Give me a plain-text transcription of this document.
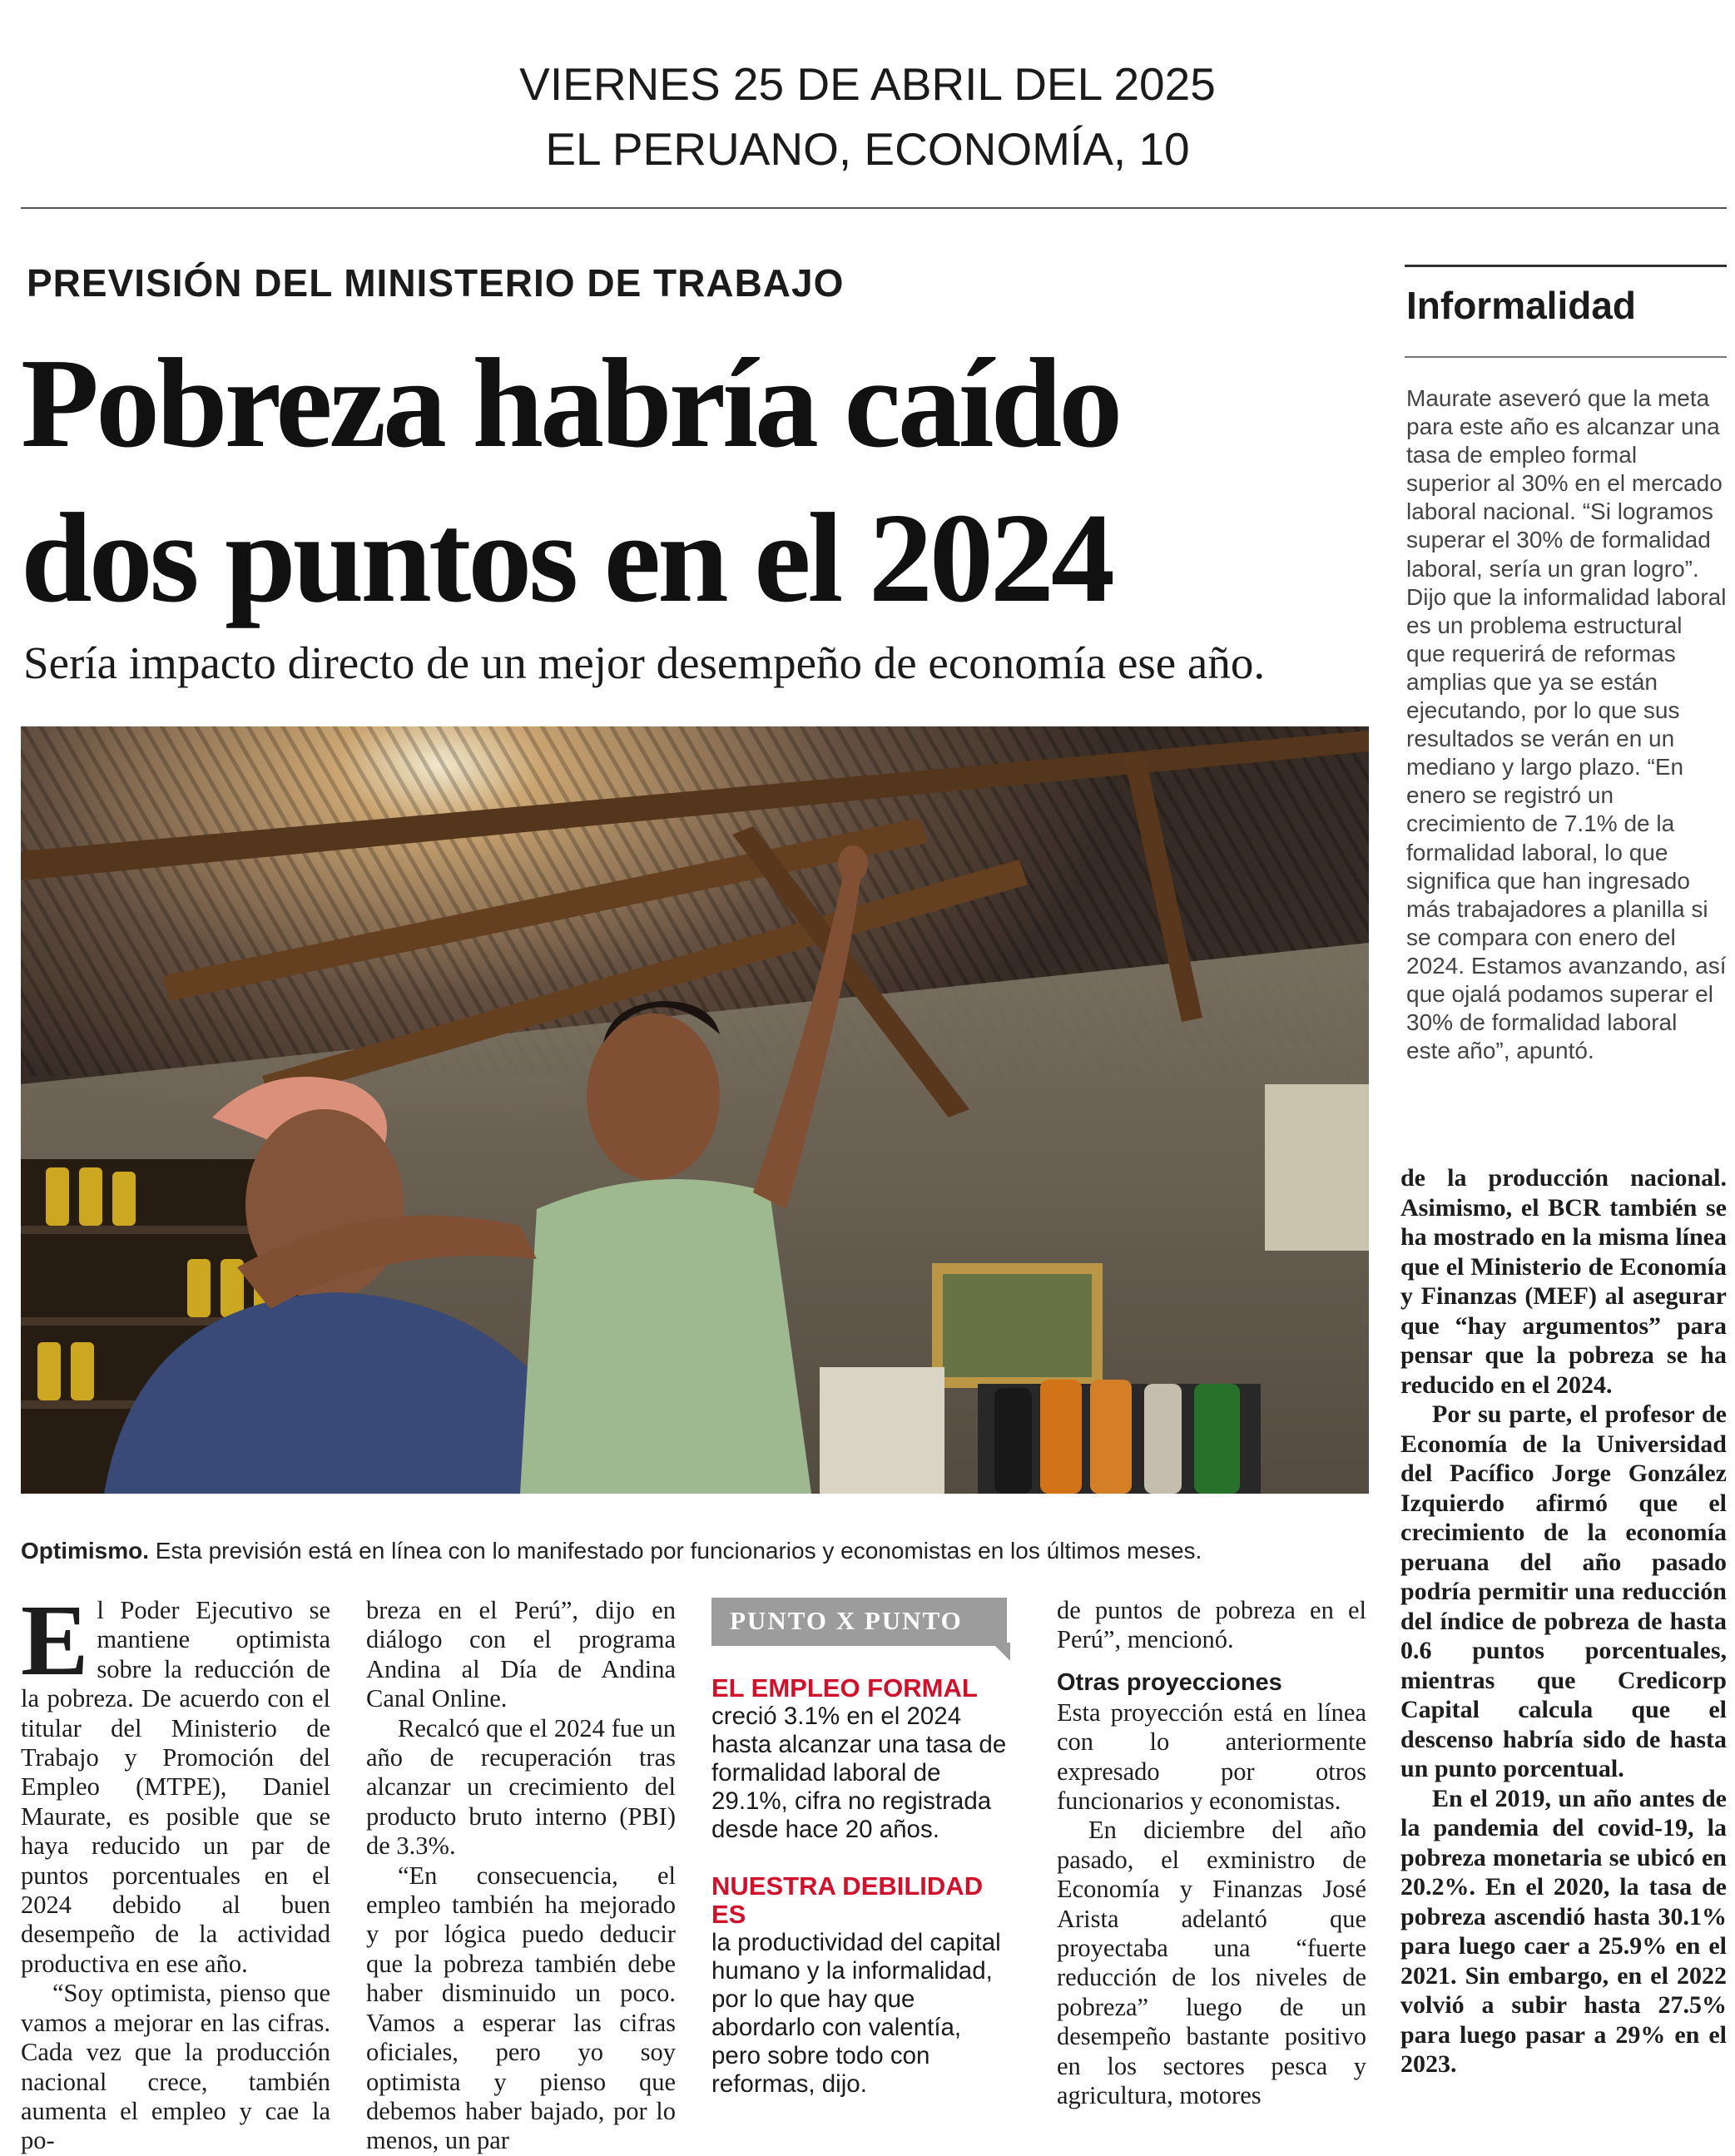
VIERNES 25 DE ABRIL DEL 2025
EL PERUANO, ECONOMÍA, 10
PREVISIÓN DEL MINISTERIO DE TRABAJO
Pobreza habría caído
dos puntos en el 2024
Sería impacto directo de un mejor desempeño de economía ese año.
Optimismo. Esta previsión está en línea con lo manifestado por funcionarios y economistas en los últimos meses.
Informalidad
Maurate aseveró que la meta para este año es alcanzar una tasa de empleo formal superior al 30% en el mercado laboral nacional. “Si logramos superar el 30% de formalidad laboral, sería un gran logro”.
Dijo que la informalidad laboral es un problema estructural que requerirá de reformas amplias que ya se están ejecutando, por lo que sus resultados se verán en un mediano y largo plazo. “En enero se registró un crecimiento de 7.1% de la formalidad laboral, lo que significa que han ingresado más trabajadores a planilla si se compara con enero del 2024. Estamos avanzando, así que ojalá podamos superar el 30% de formalidad laboral este año”, apuntó.
El Poder Ejecutivo se mantiene optimista sobre la reducción de la pobreza. De acuerdo con el titular del Ministerio de Trabajo y Promoción del Empleo (MTPE), Daniel Maurate, es posible que se haya reducido un par de puntos porcentuales en el 2024 debido al buen desempeño de la actividad productiva en ese año.
“Soy optimista, pienso que vamos a mejorar en las cifras. Cada vez que la producción nacional crece, también aumenta el empleo y cae la po-
breza en el Perú”, dijo en diálogo con el programa Andina al Día de Andina Canal Online.
Recalcó que el 2024 fue un año de recuperación tras alcanzar un crecimiento del producto bruto interno (PBI) de 3.3%.
“En consecuencia, el empleo también ha mejorado y por lógica puedo deducir que la pobreza también debe haber disminuido un poco. Vamos a esperar las cifras oficiales, pero yo soy optimista y pienso que debemos haber bajado, por lo menos, un par
PUNTO X PUNTO
EL EMPLEO FORMAL
creció 3.1% en el 2024 hasta alcanzar una tasa de formalidad laboral de 29.1%, cifra no registrada desde hace 20 años.
NUESTRA DEBILIDAD ES
la productividad del capital humano y la informalidad, por lo que hay que abordarlo con valentía, pero sobre todo con reformas, dijo.
de puntos de pobreza en el Perú”, mencionó.
Otras proyecciones
Esta proyección está en línea con lo anteriormente expresado por otros funcionarios y economistas.
En diciembre del año pasado, el exministro de Economía y Finanzas José Arista adelantó que proyectaba una “fuerte reducción de los niveles de pobreza” luego de un desempeño bastante positivo en los sectores pesca y agricultura, motores
de la producción nacional. Asimismo, el BCR también se ha mostrado en la misma línea que el Ministerio de Economía y Finanzas (MEF) al asegurar que “hay argumentos” para pensar que la pobreza se ha reducido en el 2024.
Por su parte, el profesor de Economía de la Universidad del Pacífico Jorge González Izquierdo afirmó que el crecimiento de la economía peruana del año pasado podría permitir una reducción del índice de pobreza de hasta 0.6 puntos porcentuales, mientras que Credicorp Capital calcula que el descenso habría sido de hasta un punto porcentual.
En el 2019, un año antes de la pandemia del covid-19, la pobreza monetaria se ubicó en 20.2%. En el 2020, la tasa de pobreza ascendió hasta 30.1% para luego caer a 25.9% en el 2021. Sin embargo, en el 2022 volvió a subir hasta 27.5% para luego pasar a 29% en el 2023.
